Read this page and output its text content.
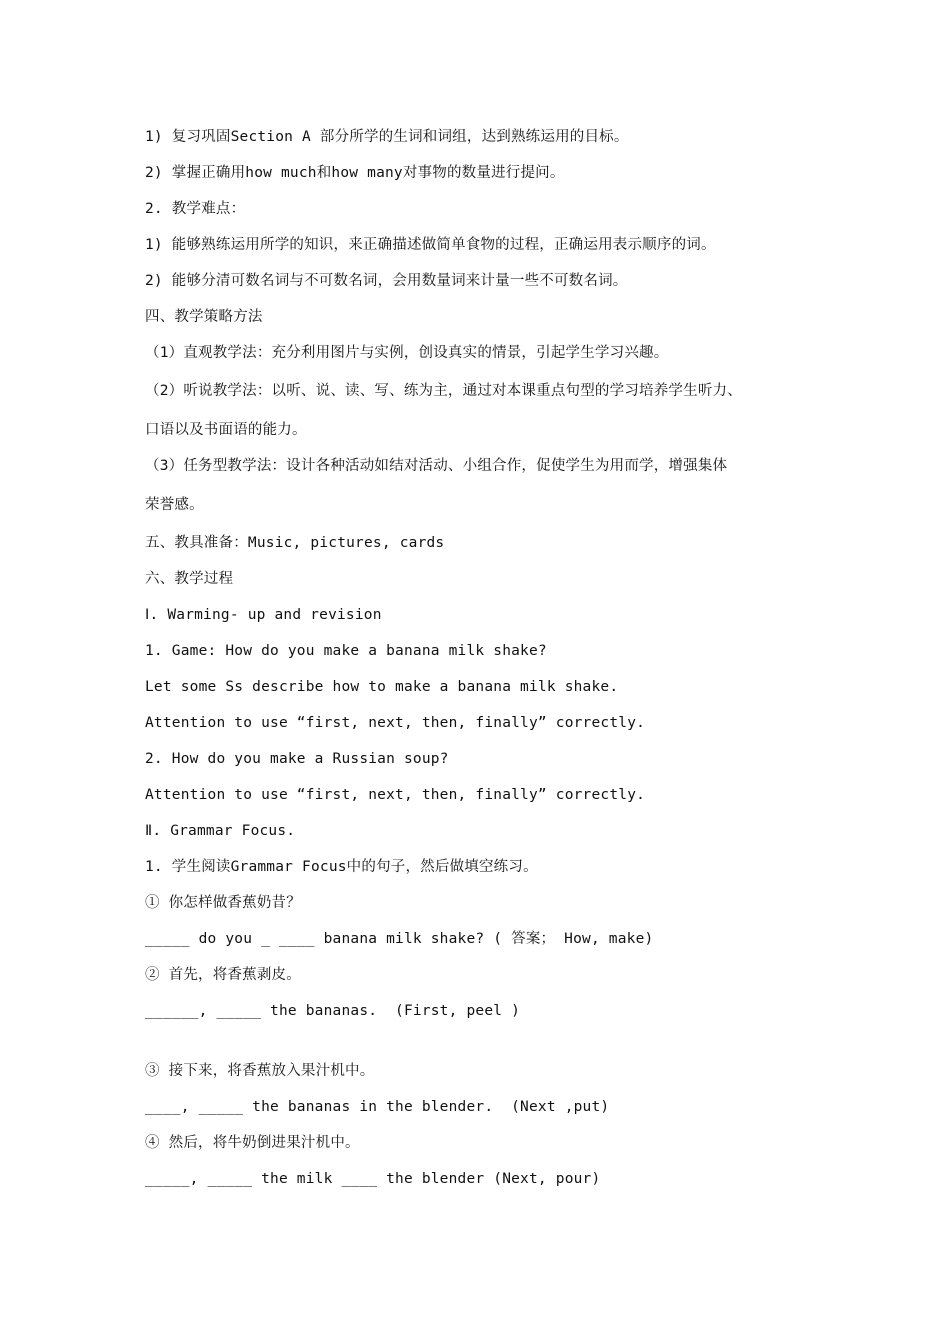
1) 复习巩固Section A 部分所学的生词和词组，达到熟练运用的目标。
2) 掌握正确用how much和how many对事物的数量进行提问。
2. 教学难点：
1) 能够熟练运用所学的知识，来正确描述做简单食物的过程，正确运用表示顺序的词。
2) 能够分清可数名词与不可数名词，会用数量词来计量一些不可数名词。
四、教学策略方法
（1）直观教学法：充分利用图片与实例，创设真实的情景，引起学生学习兴趣。
（2）听说教学法：以听、说、读、写、练为主，通过对本课重点句型的学习培养学生听力、
口语以及书面语的能力。
（3）任务型教学法：设计各种活动如结对活动、小组合作，促使学生为用而学，增强集体
荣誉感。
五、教具准备：Music, pictures, cards
六、教学过程
Ⅰ. Warming- up and revision
1. Game: How do you make a banana milk shake?
Let some Ss describe how to make a banana milk shake.
Attention to use “first, next, then, finally” correctly.
2. How do you make a Russian soup?
Attention to use “first, next, then, finally” correctly.
Ⅱ. Grammar Focus.
1. 学生阅读Grammar Focus中的句子，然后做填空练习。
① 你怎样做香蕉奶昔？
_____ do you _ ____ banana milk shake? ( 答案； How, make)
② 首先，将香蕉剥皮。
______, _____ the bananas.  (First, peel )
③ 接下来，将香蕉放入果汁机中。
____, _____ the bananas in the blender.  (Next ,put)
④ 然后，将牛奶倒进果汁机中。
_____, _____ the milk ____ the blender (Next, pour)
